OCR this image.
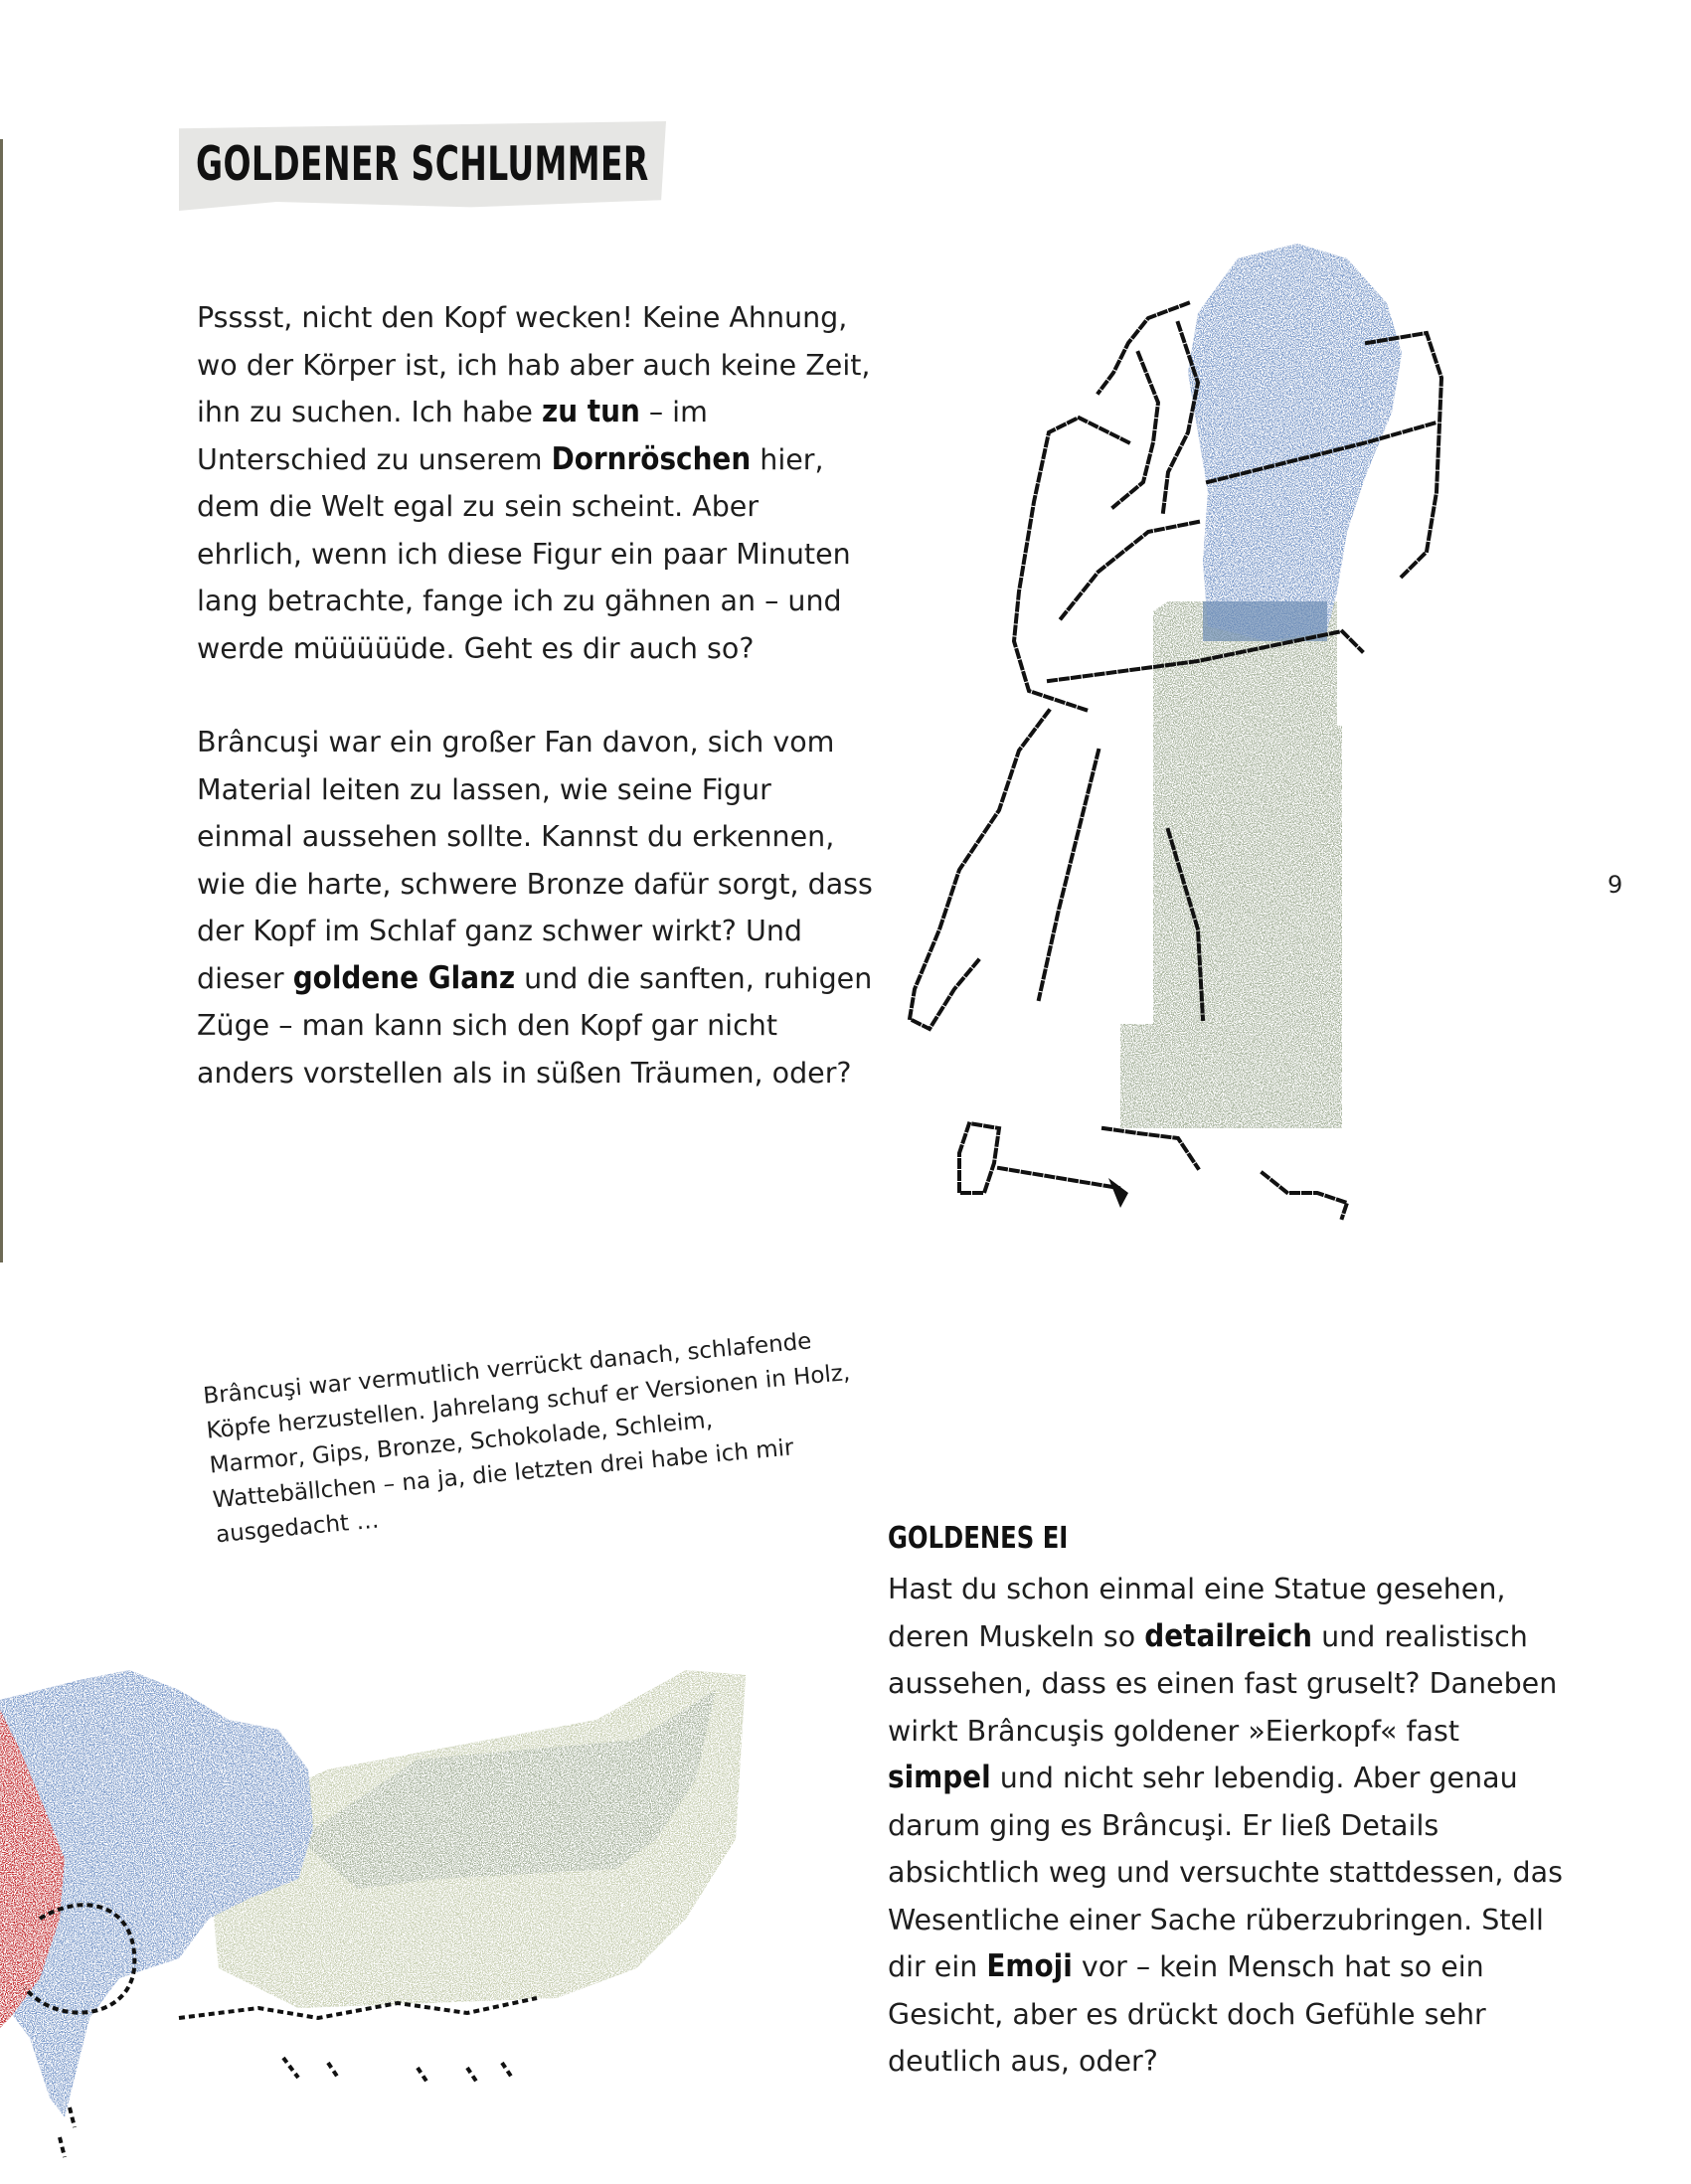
GOLDENER SCHLUMMER

Psssst, nicht den Kopf wecken! Keine Ahnung, wo der Körper ist, ich hab aber auch keine Zeit, ihn zu suchen. Ich habe zu tun – im Unterschied zu unserem Dornröschen hier, dem die Welt egal zu sein scheint. Aber ehrlich, wenn ich diese Figur ein paar Minuten lang betrachte, fange ich zu gähnen an – und werde müüüüüde. Geht es dir auch so?

Brâncuşi war ein großer Fan davon, sich vom Material leiten zu lassen, wie seine Figur einmal aussehen sollte. Kannst du erkennen, wie die harte, schwere Bronze dafür sorgt, dass der Kopf im Schlaf ganz schwer wirkt? Und dieser goldene Glanz und die sanften, ruhigen Züge – man kann sich den Kopf gar nicht anders vorstellen als in süßen Träumen, oder?

9

Brâncuşi war vermutlich verrückt danach, schlafende Köpfe herzustellen. Jahrelang schuf er Versionen in Holz, Marmor, Gips, Bronze, Schokolade, Schleim, Wattebällchen – na ja, die letzten drei habe ich mir ausgedacht …	GOLDENES EI

Hast du schon einmal eine Statue gesehen, deren Muskeln so detailreich und realistisch aussehen, dass es einen fast gruselt? Daneben wirkt Brâncuşis goldener »Eierkopf« fast simpel und nicht sehr lebendig. Aber genau darum ging es Brâncuşi. Er ließ Details absichtlich weg und versuchte stattdessen, das Wesentliche einer Sache rüberzubringen. Stell dir ein Emoji vor – kein Mensch hat so ein Gesicht, aber es drückt doch Gefühle sehr deutlich aus, oder?
